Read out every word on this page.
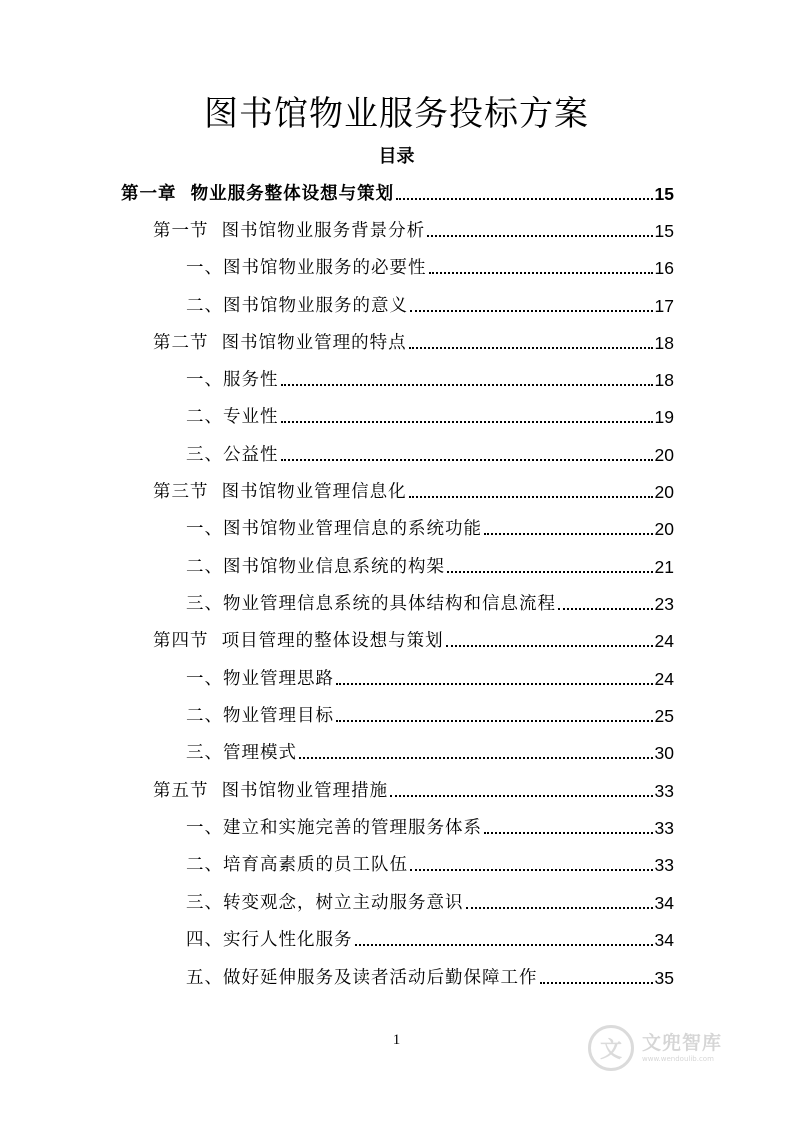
图书馆物业服务投标方案
目录
第一章  物业服务整体设想与策划	15
第一节  图书馆物业服务背景分析	15
一、图书馆物业服务的必要性	16
二、图书馆物业服务的意义	17
第二节  图书馆物业管理的特点	18
一、服务性	18
二、专业性	19
三、公益性	20
第三节  图书馆物业管理信息化	20
一、图书馆物业管理信息的系统功能	20
二、图书馆物业信息系统的构架	21
三、物业管理信息系统的具体结构和信息流程	23
第四节  项目管理的整体设想与策划	24
一、物业管理思路	24
二、物业管理目标	25
三、管理模式	30
第五节  图书馆物业管理措施	33
一、建立和实施完善的管理服务体系	33
二、培育高素质的员工队伍	33
三、转变观念，树立主动服务意识	34
四、实行人性化服务	34
五、做好延伸服务及读者活动后勤保障工作	35
1	文	文兜智库
www.wendoulib.com
